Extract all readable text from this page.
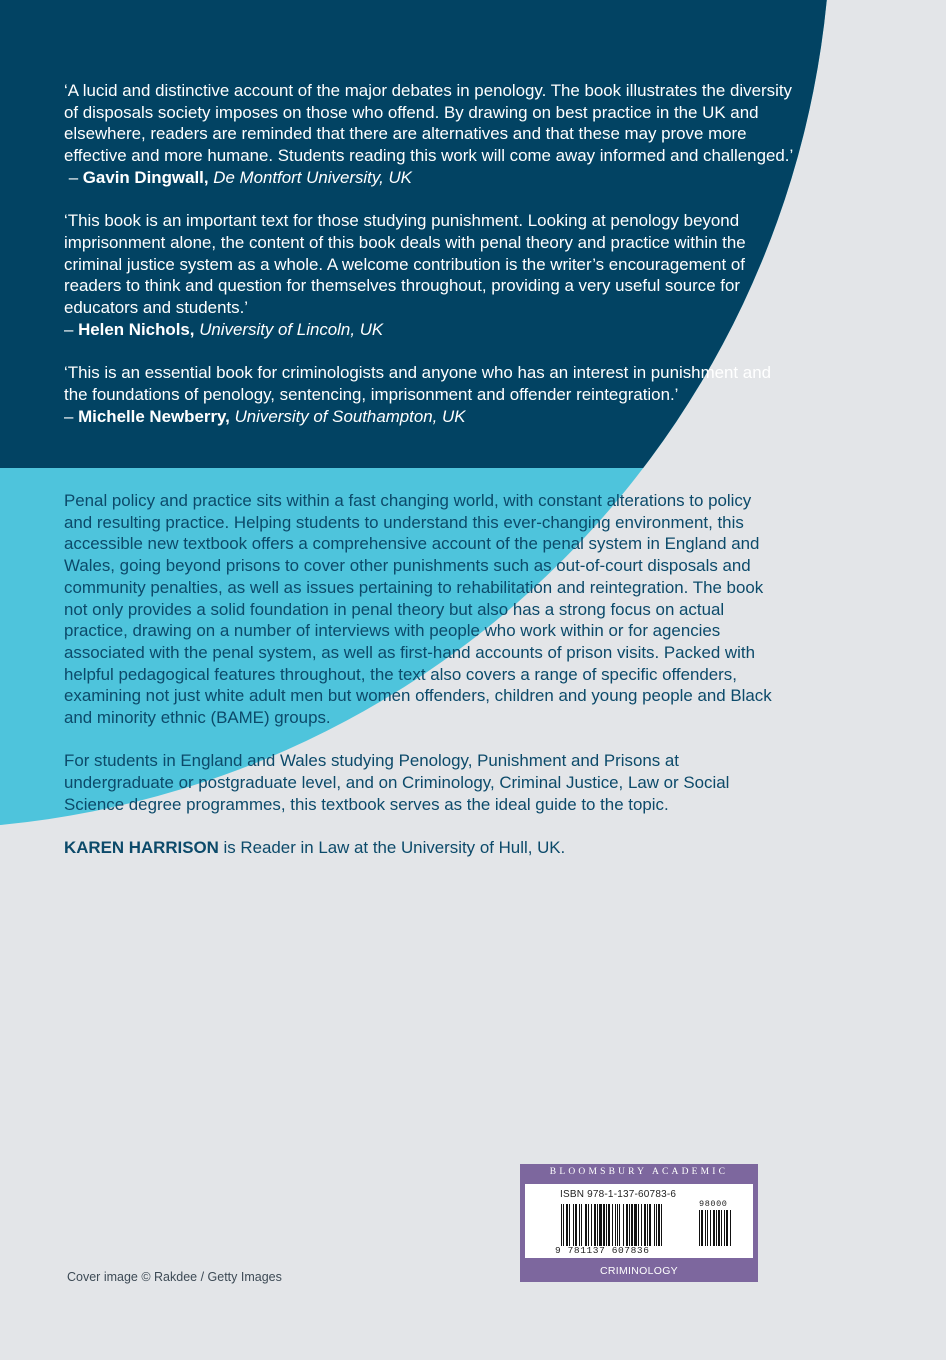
‘A lucid and distinctive account of the major debates in penology. The book illustrates the diversity of disposals society imposes on those who offend. By drawing on best practice in the UK and elsewhere, readers are reminded that there are alternatives and that these may prove more effective and more humane. Students reading this work will come away informed and challenged.’ – Gavin Dingwall, De Montfort University, UK

‘This book is an important text for those studying punishment. Looking at penology beyond imprisonment alone, the content of this book deals with penal theory and practice within the criminal justice system as a whole. A welcome contribution is the writer’s encouragement of readers to think and question for themselves throughout, providing a very useful source for educators and students.’
– Helen Nichols, University of Lincoln, UK

‘This is an essential book for criminologists and anyone who has an interest in punishment and the foundations of penology, sentencing, imprisonment and offender reintegration.’
– Michelle Newberry, University of Southampton, UK

Penal policy and practice sits within a fast changing world, with constant alterations to policy and resulting practice. Helping students to understand this ever-changing environment, this accessible new textbook offers a comprehensive account of the penal system in England and Wales, going beyond prisons to cover other punishments such as out-of-court disposals and community penalties, as well as issues pertaining to rehabilitation and reintegration. The book not only provides a solid foundation in penal theory but also has a strong focus on actual practice, drawing on a number of interviews with people who work within or for agencies associated with the penal system, as well as first-hand accounts of prison visits. Packed with helpful pedagogical features throughout, the text also covers a range of specific offenders, examining not just white adult men but women offenders, children and young people and Black and minority ethnic (BAME) groups.

For students in England and Wales studying Penology, Punishment and Prisons at undergraduate or postgraduate level, and on Criminology, Criminal Justice, Law or Social Science degree programmes, this textbook serves as the ideal guide to the topic.

KAREN HARRISON is Reader in Law at the University of Hull, UK.

Cover image © Rakdee / Getty Images
BLOOMSBURY ACADEMIC
ISBN 978-1-137-60783-6
9 781137 607836
98000
CRIMINOLOGY
